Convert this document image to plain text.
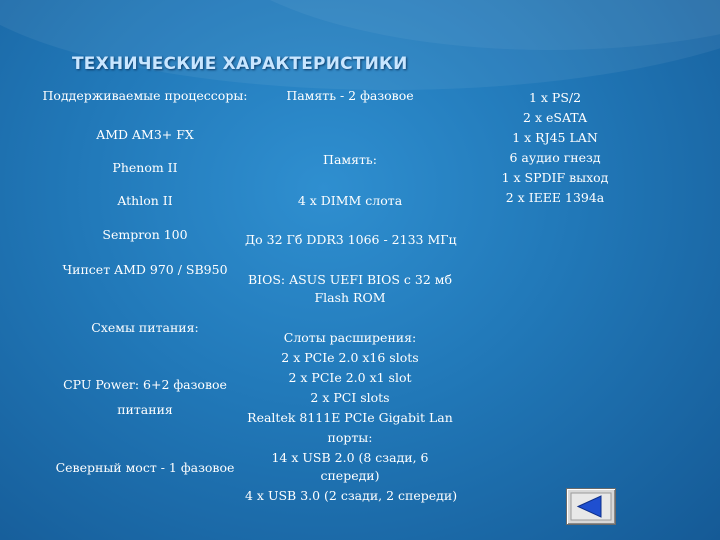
ТЕХНИЧЕСКИЕ ХАРАКТЕРИСТИКИ
Поддерживаемые процессоры:
AMD AM3+ FX
Phenom II
Athlon II
Sempron 100
Чипсет AMD 970 / SB950
Схемы питания:
CPU Power: 6+2 фазовое
питания
Северный мост - 1 фазовое
Память - 2 фазовое
Память:
4 x DIMM слота
До 32 Гб DDR3 1066 - 2133 МГц
BIOS: ASUS UEFI BIOS с 32 мб
Flash ROM
Слоты расширения:
2 x PCIe 2.0 x16 slots
2 x PCIe 2.0 x1 slot
2 x PCI slots
Realtek 8111E PCIe Gigabit Lan
порты:
14 x USB 2.0 (8 сзади, 6
спереди)
4 x USB 3.0 (2 сзади, 2 спереди)
1 x PS/2
2 x eSATA
1 x RJ45 LAN
6 аудио гнезд
1 x SPDIF выход
2 x IEEE 1394a
